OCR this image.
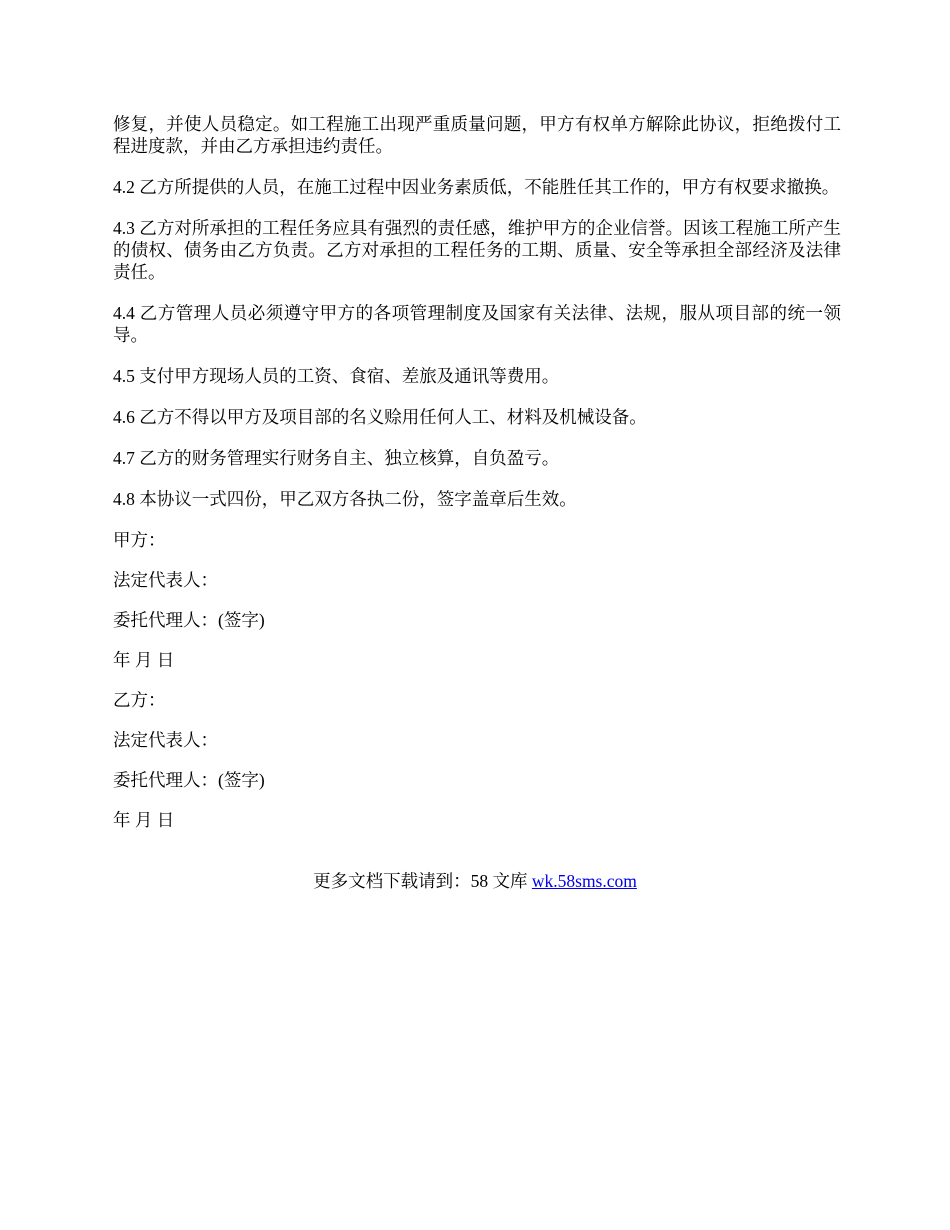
修复，并使人员稳定。如工程施工出现严重质量问题，甲方有权单方解除此协议，拒绝拨付工程进度款，并由乙方承担违约责任。

4.2 乙方所提供的人员，在施工过程中因业务素质低，不能胜任其工作的，甲方有权要求撤换。

4.3 乙方对所承担的工程任务应具有强烈的责任感，维护甲方的企业信誉。因该工程施工所产生的债权、债务由乙方负责。乙方对承担的工程任务的工期、质量、安全等承担全部经济及法律责任。

4.4 乙方管理人员必须遵守甲方的各项管理制度及国家有关法律、法规，服从项目部的统一领导。

4.5 支付甲方现场人员的工资、食宿、差旅及通讯等费用。

4.6 乙方不得以甲方及项目部的名义赊用任何人工、材料及机械设备。

4.7 乙方的财务管理实行财务自主、独立核算，自负盈亏。

4.8 本协议一式四份，甲乙双方各执二份，签字盖章后生效。

甲方：

法定代表人：

委托代理人：(签字)

年 月 日

乙方：

法定代表人：

委托代理人：(签字)

年 月 日

更多文档下载请到：58 文库 wk.58sms.com
